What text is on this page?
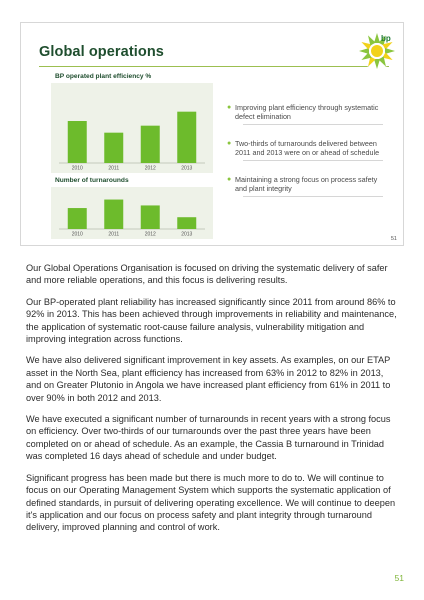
Global operations
bp
BP operated plant efficiency %
2010	2011	2012	2013
Number of turnarounds
2010	2011	2012	2013
● Improving plant efficiency through systematic defect elimination
● Two-thirds of turnarounds delivered between 2011 and 2013 were on or ahead of schedule
● Maintaining a strong focus on process safety and plant integrity
51

Our Global Operations Organisation is focused on driving the systematic delivery of safer and more reliable operations, and this focus is delivering results.

Our BP-operated plant reliability has increased significantly since 2011 from around 86% to 92% in 2013. This has been achieved through improvements in reliability and maintenance, the application of systematic root-cause failure analysis, vulnerability mitigation and improving integration across functions.

We have also delivered significant improvement in key assets. As examples, on our ETAP asset in the North Sea, plant efficiency has increased from 63% in 2012 to 82% in 2013, and on Greater Plutonio in Angola we have increased plant efficiency from 61% in 2011 to over 90% in both 2012 and 2013.

We have executed a significant number of turnarounds in recent years with a strong focus on efficiency. Over two-thirds of our turnarounds over the past three years have been completed on or ahead of schedule. As an example, the Cassia B turnaround in Trinidad was completed 16 days ahead of schedule and under budget.

Significant progress has been made but there is much more to do to. We will continue to focus on our Operating Management System which supports the systematic application of defined standards, in pursuit of delivering operating excellence. We will continue to deepen it's application and our focus on process safety and plant integrity through turnaround delivery, improved planning and control of work.

51
